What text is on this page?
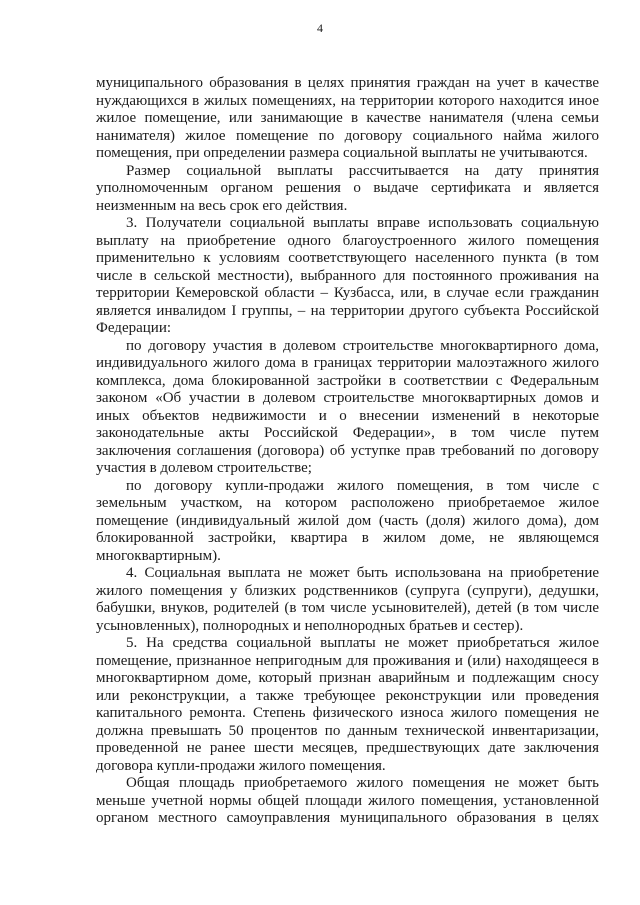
4
муниципального образования в целях принятия граждан на учет в качестве
нуждающихся в жилых помещениях, на территории которого находится иное
жилое помещение, или занимающие в качестве нанимателя (члена семьи
нанимателя) жилое помещение по договору социального найма жилого
помещения, при определении размера социальной выплаты не учитываются.
Размер социальной выплаты рассчитывается на дату принятия
уполномоченным органом решения о выдаче сертификата и является
неизменным на весь срок его действия.
3. Получатели социальной выплаты вправе использовать социальную
выплату на приобретение одного благоустроенного жилого помещения
применительно к условиям соответствующего населенного пункта (в том
числе в сельской местности), выбранного для постоянного проживания на
территории Кемеровской области – Кузбасса, или, в случае если гражданин
является инвалидом I группы, – на территории другого субъекта Российской
Федерации:
по договору участия в долевом строительстве многоквартирного дома,
индивидуального жилого дома в границах территории малоэтажного жилого
комплекса, дома блокированной застройки в соответствии с Федеральным
законом «Об участии в долевом строительстве многоквартирных домов и
иных объектов недвижимости и о внесении изменений в некоторые
законодательные акты Российской Федерации», в том числе путем
заключения соглашения (договора) об уступке прав требований по договору
участия в долевом строительстве;
по договору купли-продажи жилого помещения, в том числе с
земельным участком, на котором расположено приобретаемое жилое
помещение (индивидуальный жилой дом (часть (доля) жилого дома), дом
блокированной застройки, квартира в жилом доме, не являющемся
многоквартирным).
4. Социальная выплата не может быть использована на приобретение
жилого помещения у близких родственников (супруга (супруги), дедушки,
бабушки, внуков, родителей (в том числе усыновителей), детей (в том числе
усыновленных), полнородных и неполнородных братьев и сестер).
5. На средства социальной выплаты не может приобретаться жилое
помещение, признанное непригодным для проживания и (или) находящееся в
многоквартирном доме, который признан аварийным и подлежащим сносу
или реконструкции, а также требующее реконструкции или проведения
капитального ремонта. Степень физического износа жилого помещения не
должна превышать 50 процентов по данным технической инвентаризации,
проведенной не ранее шести месяцев, предшествующих дате заключения
договора купли-продажи жилого помещения.
Общая площадь приобретаемого жилого помещения не может быть
меньше учетной нормы общей площади жилого помещения, установленной
органом местного самоуправления муниципального образования в целях
